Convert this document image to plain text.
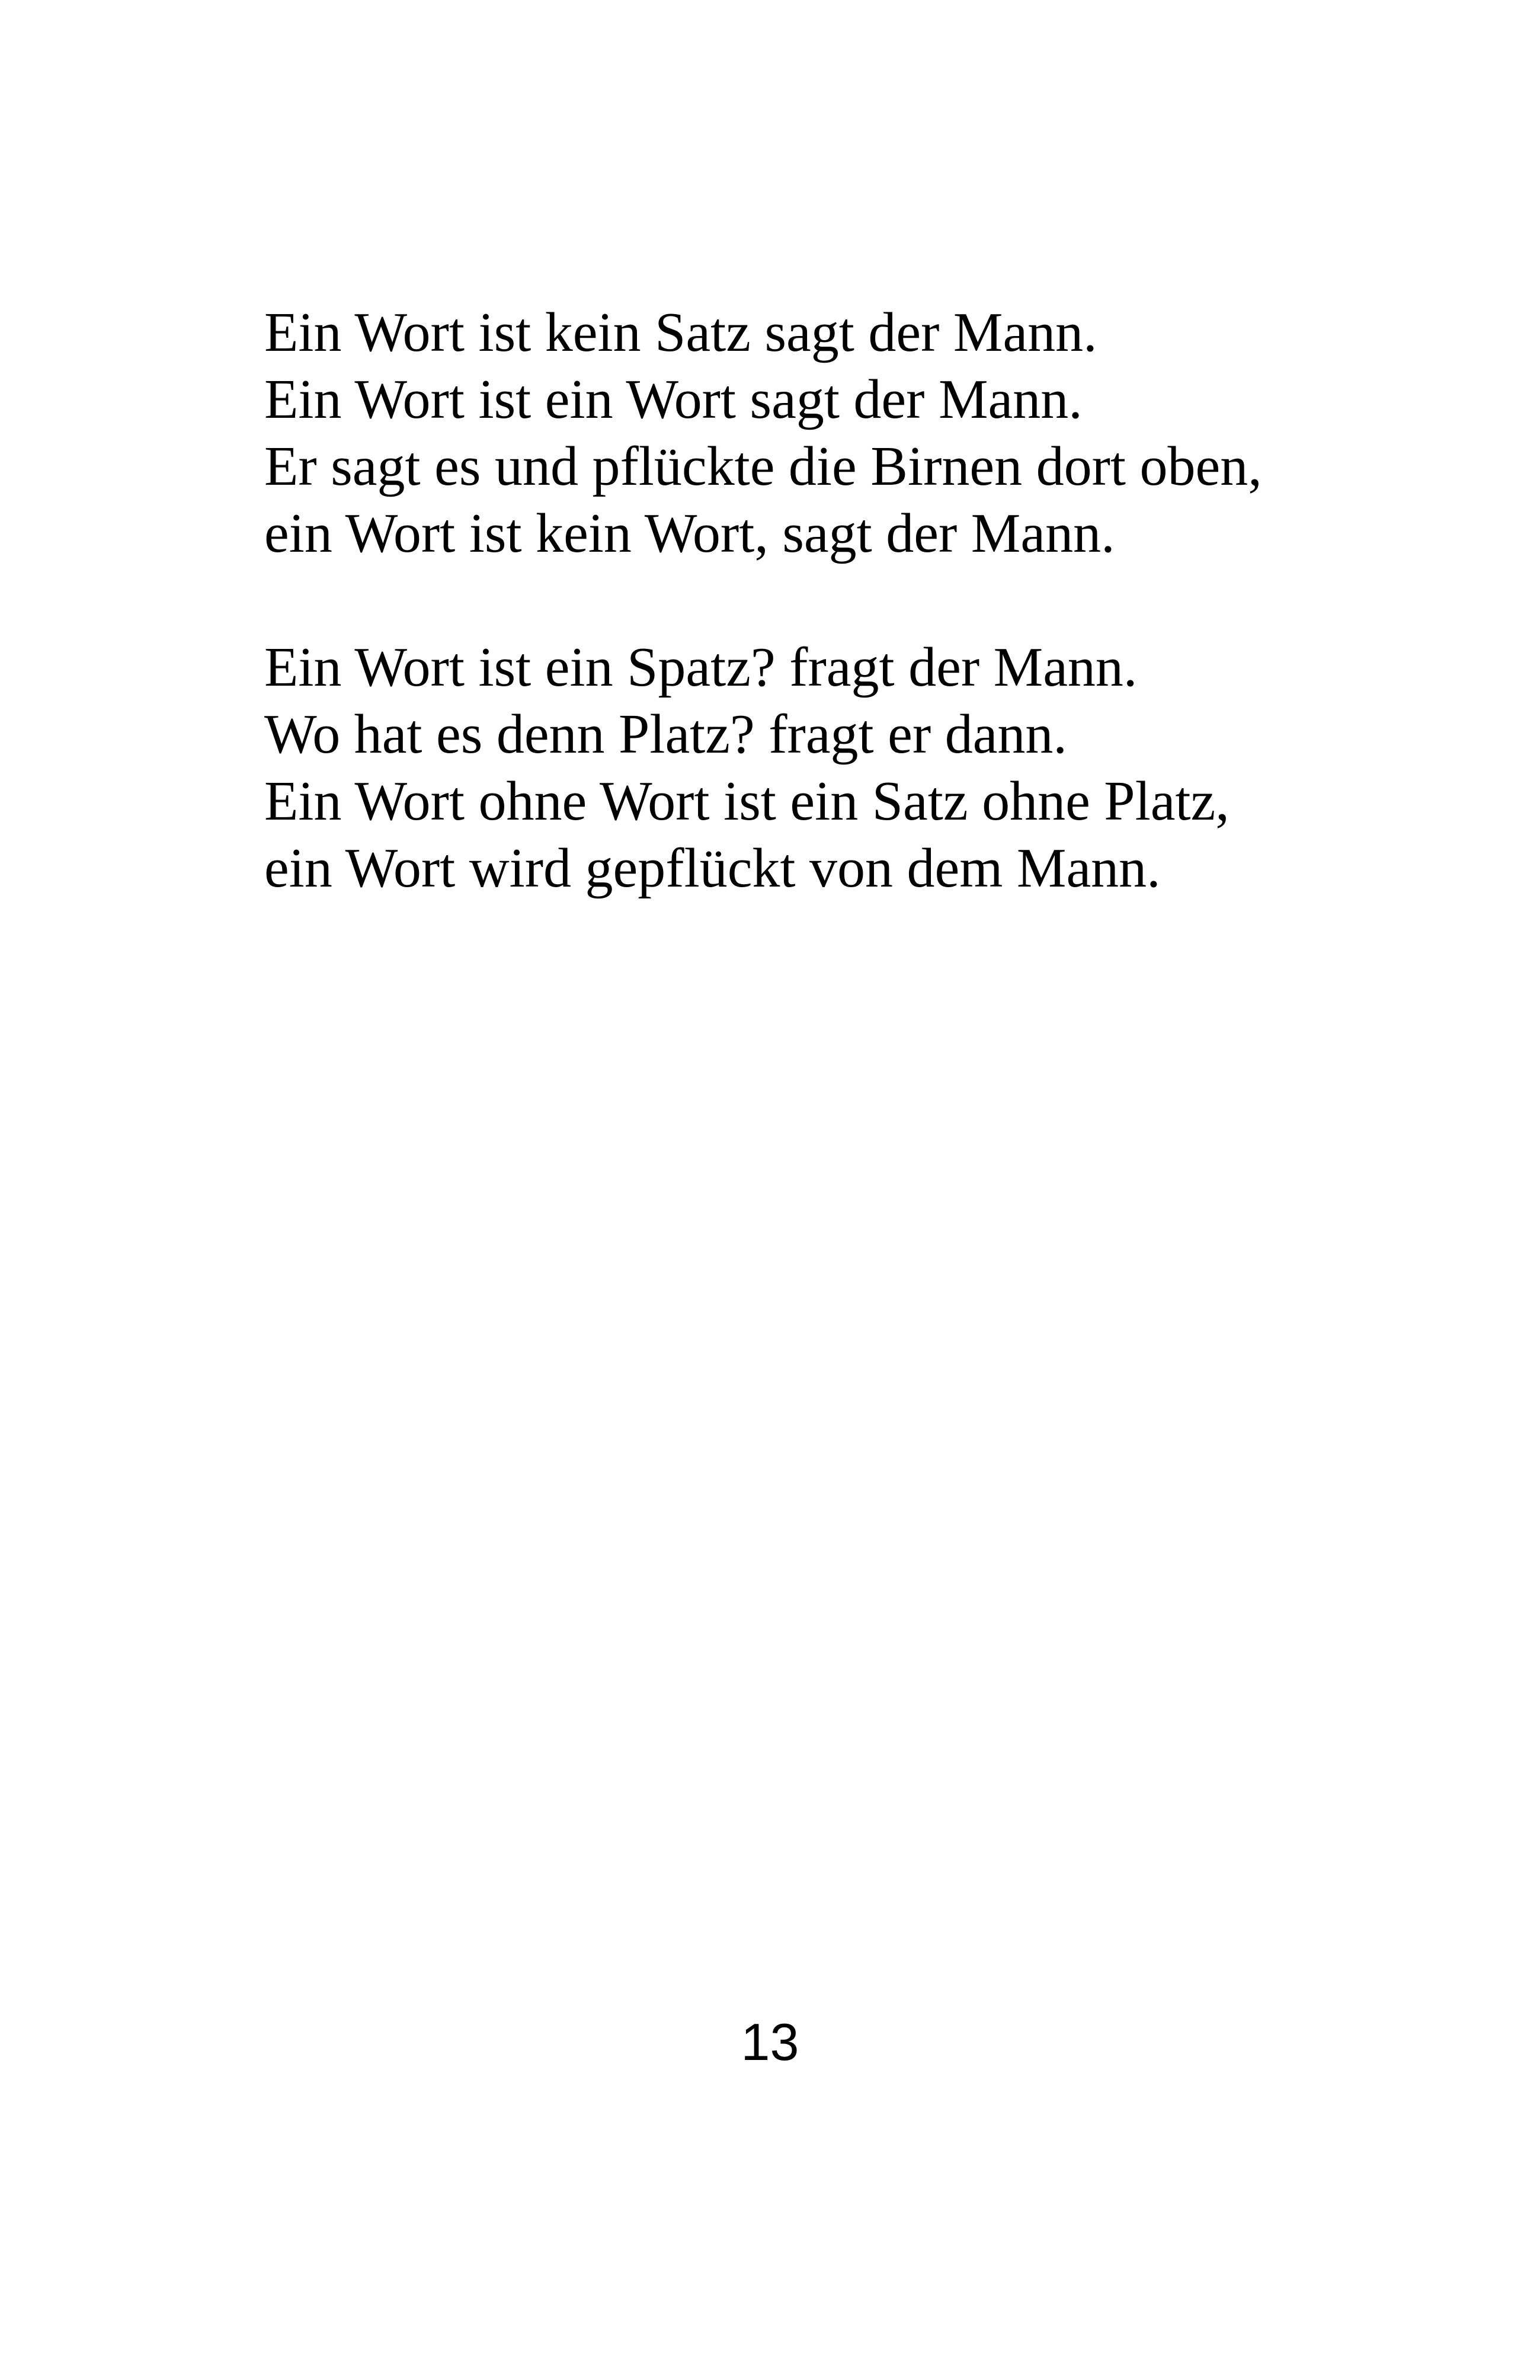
Ein Wort ist kein Satz sagt der Mann.
Ein Wort ist ein Wort sagt der Mann.
Er sagt es und pflückte die Birnen dort oben,
ein Wort ist kein Wort, sagt der Mann.

Ein Wort ist ein Spatz? fragt der Mann.
Wo hat es denn Platz? fragt er dann.
Ein Wort ohne Wort ist ein Satz ohne Platz,
ein Wort wird gepflückt von dem Mann.

13
